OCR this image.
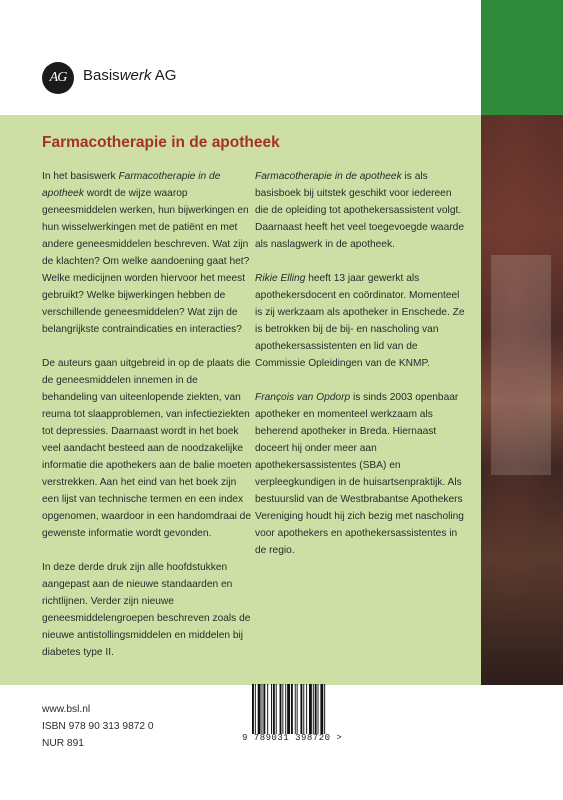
AG	Basiswerk AG
Farmacotherapie in de apotheek

In het basiswerk Farmacotherapie in de apotheek wordt de wijze waarop geneesmiddelen werken, hun bijwerkingen en hun wisselwerkingen met de patiënt en met andere geneesmiddelen beschreven. Wat zijn de klachten? Om welke aandoening gaat het? Welke medicijnen worden hiervoor het meest gebruikt? Welke bijwerkingen hebben de verschillende geneesmiddelen? Wat zijn de belangrijkste contraindicaties en interacties?

De auteurs gaan uitgebreid in op de plaats die de geneesmiddelen innemen in de behandeling van uiteenlopende ziekten, van reuma tot slaapproblemen, van infectieziekten tot depressies. Daarnaast wordt in het boek veel aandacht besteed aan de noodzakelijke informatie die apothekers aan de balie moeten verstrekken. Aan het eind van het boek zijn een lijst van technische termen en een index opgenomen, waardoor in een handomdraai de gewenste informatie wordt gevonden.

In deze derde druk zijn alle hoofdstukken aangepast aan de nieuwe standaarden en richtlijnen. Verder zijn nieuwe geneesmiddelengroepen beschreven zoals de nieuwe antistollingsmiddelen en middelen bij diabetes type II.

Farmacotherapie in de apotheek is als basisboek bij uitstek geschikt voor iedereen die de opleiding tot apothekersassistent volgt. Daarnaast heeft het veel toegevoegde waarde als naslagwerk in de apotheek.

Rikie Elling heeft 13 jaar gewerkt als apothekersdocent en coördinator. Momenteel is zij werkzaam als apotheker in Enschede. Ze is betrokken bij de bij- en nascholing van apothekersassistenten en lid van de Commissie Opleidingen van de KNMP.

François van Opdorp is sinds 2003 openbaar apotheker en momenteel werkzaam als beherend apotheker in Breda. Hiernaast doceert hij onder meer aan apothekersassistentes (SBA) en verpleegkundigen in de huisartsenpraktijk. Als bestuurslid van de Westbrabantse Apothekers Vereniging houdt hij zich bezig met nascholing voor apothekers en apothekersassistentes in de regio.

www.bsl.nl
ISBN 978 90 313 9872 0
NUR 891	9 789031 398720 >
